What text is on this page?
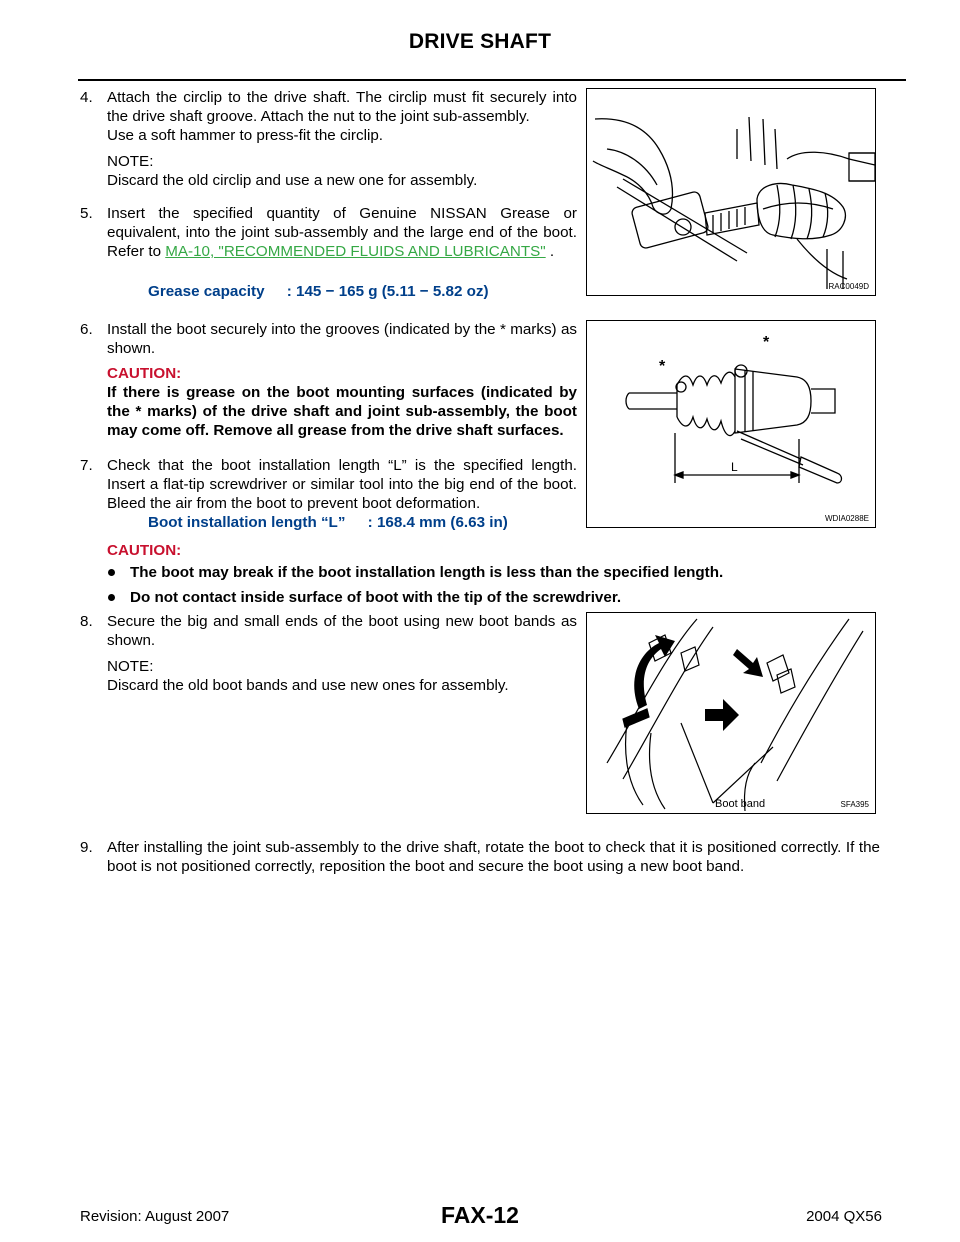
DRIVE SHAFT
4. Attach the circlip to the drive shaft. The circlip must fit securely into the drive shaft groove. Attach the nut to the joint sub-assembly.

Use a soft hammer to press-fit the circlip.

NOTE:

Discard the old circlip and use a new one for assembly.

5. Insert the specified quantity of Genuine NISSAN Grease or equivalent, into the joint sub-assembly and the large end of the boot. Refer to MA-10, "RECOMMENDED FLUIDS AND LUBRICANTS" .

Grease capacity : 145 − 165 g (5.11 − 5.82 oz)	RAC0049D
6. Install the boot securely into the grooves (indicated by the * marks) as shown.

CAUTION:

If there is grease on the boot mounting surfaces (indicated by the * marks) of the drive shaft and joint sub-assembly, the boot may come off. Remove all grease from the drive shaft surfaces.

7. Check that the boot installation length “L” is the specified length. Insert a flat-tip screwdriver or similar tool into the big end of the boot. Bleed the air from the boot to prevent boot deformation.

Boot installation length “L” : 168.4 mm (6.63 in)
*
*
L
WDIA0288E

CAUTION:

The boot may break if the boot installation length is less than the specified length.
Do not contact inside surface of boot with the tip of the screwdriver.
8. Secure the big and small ends of the boot using new boot bands as shown.

NOTE:

Discard the old boot bands and use new ones for assembly.

Boot band	SFA395
9. After installing the joint sub-assembly to the drive shaft, rotate the boot to check that it is positioned correctly. If the boot is not positioned correctly, reposition the boot and secure the boot using a new boot band.

Revision: August 2007	FAX-12	2004 QX56
